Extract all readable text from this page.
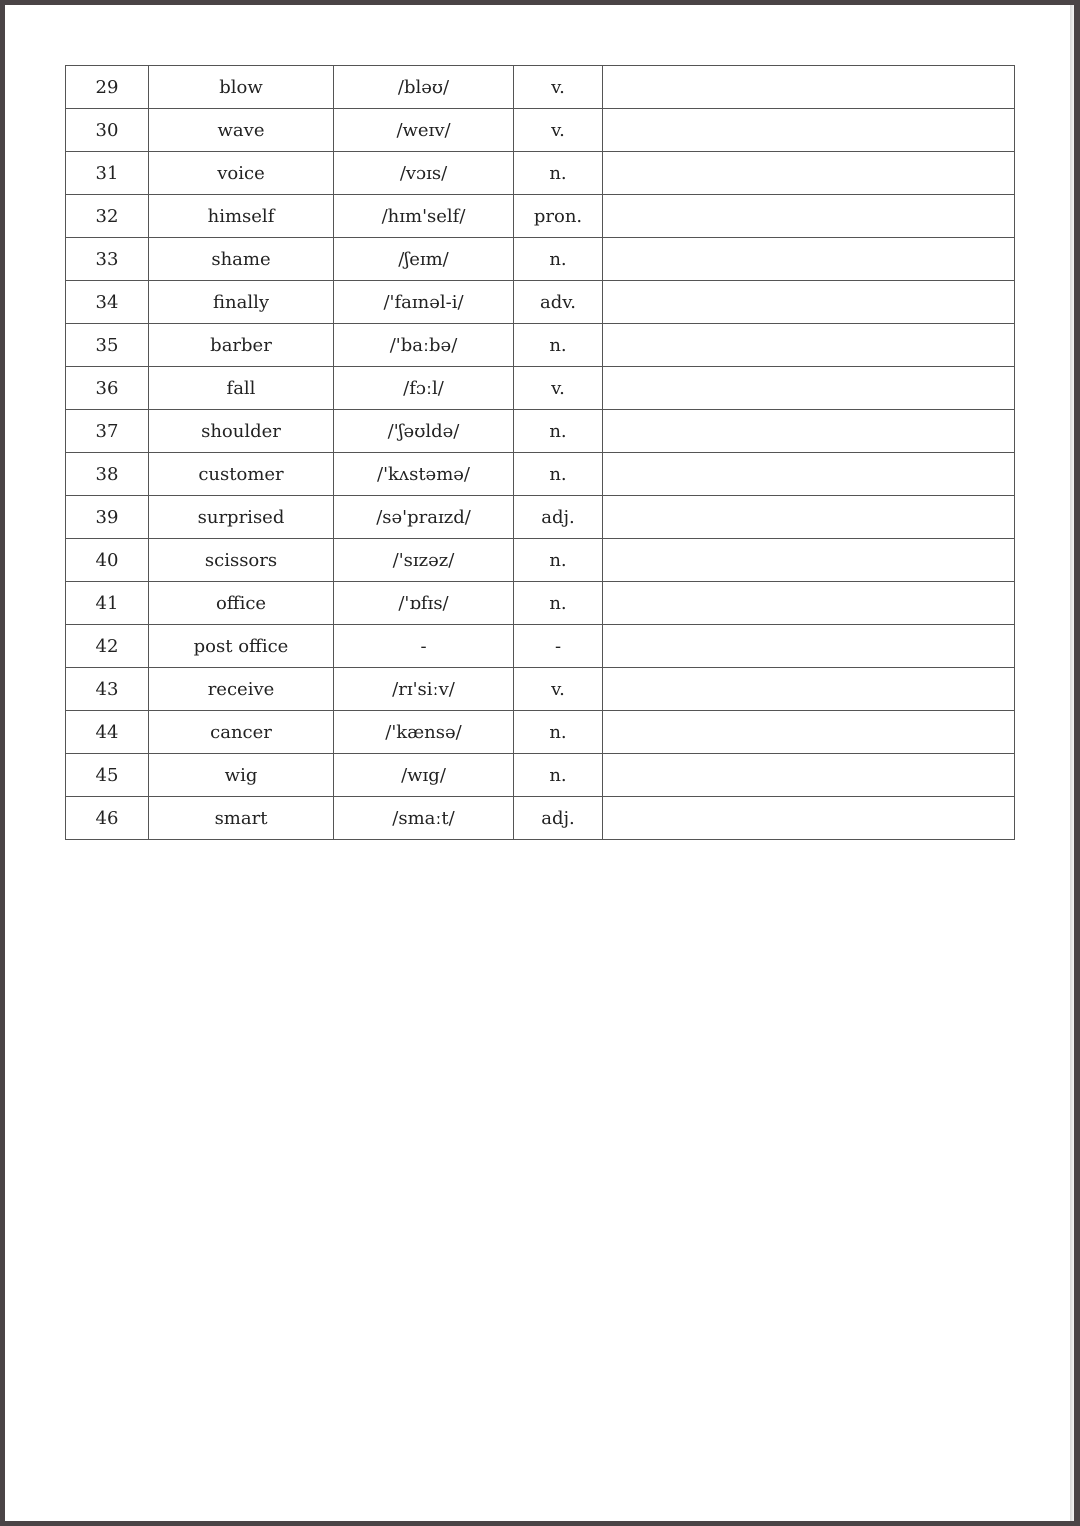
29	blow	/bləʊ/	v.	
30	wave	/weɪv/	v.	
31	voice	/vɔɪs/	n.	
32	himself	/hɪm'self/	pron.	
33	shame	/ʃeɪm/	n.	
34	finally	/'faɪnəl-i/	adv.	
35	barber	/'baːbə/	n.	
36	fall	/fɔːl/	v.	
37	shoulder	/'ʃəʊldə/	n.	
38	customer	/'kʌstəmə/	n.	
39	surprised	/sə'praɪzd/	adj.	
40	scissors	/'sɪzəz/	n.	
41	office	/'ɒfɪs/	n.	
42	post office	-	-	
43	receive	/rɪ'siːv/	v.	
44	cancer	/'kænsə/	n.	
45	wig	/wɪg/	n.	
46	smart	/smaːt/	adj.	
